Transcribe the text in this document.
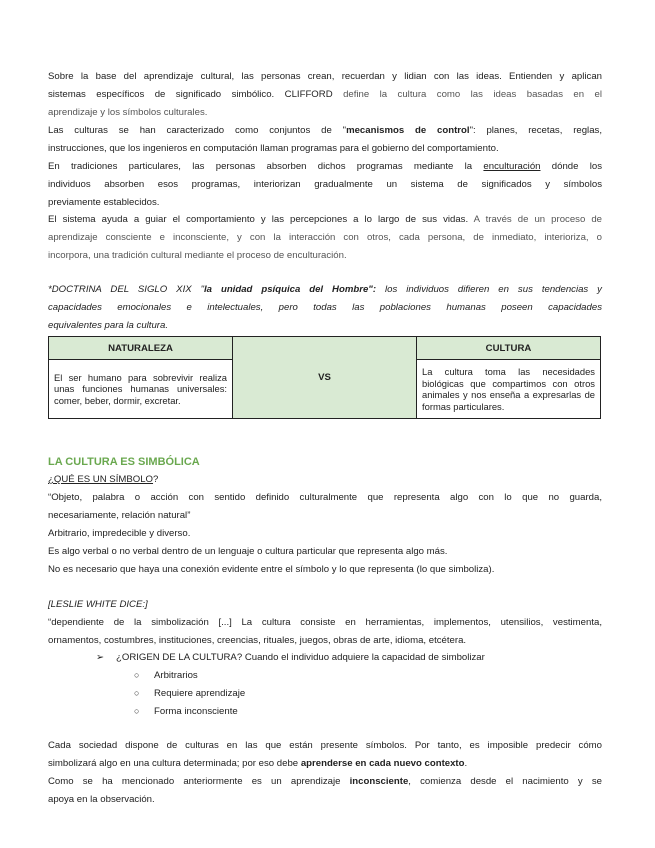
Sobre la base del aprendizaje cultural, las personas crean, recuerdan y lidian con las ideas. Entienden y aplican

sistemas específicos de significado simbólico. CLIFFORD define la cultura como las ideas basadas en el

aprendizaje y los símbolos culturales.

Las culturas se han caracterizado como conjuntos de "mecanismos de control": planes, recetas, reglas,

instrucciones, que los ingenieros en computación llaman programas para el gobierno del comportamiento.

En tradiciones particulares, las personas absorben dichos programas mediante la enculturación dónde los

individuos absorben esos programas, interiorizan gradualmente un sistema de significados y símbolos

previamente establecidos.

El sistema ayuda a guiar el comportamiento y las percepciones a lo largo de sus vidas. A través de un proceso de

aprendizaje consciente e inconsciente, y con la interacción con otros, cada persona, de inmediato, interioriza, o

incorpora, una tradición cultural mediante el proceso de enculturación.

*DOCTRINA DEL SIGLO XIX "la unidad psíquica del Hombre": los individuos difieren en sus tendencias y

capacidades emocionales e intelectuales, pero todas las poblaciones humanas poseen capacidades

equivalentes para la cultura.

NATURALEZA	VS	CULTURA
El ser humano para sobrevivir realiza unas funciones humanas universales: comer, beber, dormir, excretar.		La cultura toma las necesidades biológicas que compartimos con otros animales y nos enseña a expresarlas de formas particulares.

LA CULTURA ES SIMBÓLICA

¿QUÉ ES UN SÍMBOLO?

“Objeto, palabra o acción con sentido definido culturalmente que representa algo con lo que no guarda,

necesariamente, relación natural”

Arbitrario, impredecible y diverso.

Es algo verbal o no verbal dentro de un lenguaje o cultura particular que representa algo más.

No es necesario que haya una conexión evidente entre el símbolo y lo que representa (lo que simboliza).

[LESLIE WHITE DICE:]

“dependiente de la simbolización [...] La cultura consiste en herramientas, implementos, utensilios, vestimenta,

ornamentos, costumbres, instituciones, creencias, rituales, juegos, obras de arte, idioma, etcétera.

➢ ¿ORIGEN DE LA CULTURA? Cuando el individuo adquiere la capacidad de simbolizar
○ Arbitrarios
○ Requiere aprendizaje
○ Forma inconsciente

Cada sociedad dispone de culturas en las que están presente símbolos. Por tanto, es imposible predecir cómo

simbolizará algo en una cultura determinada; por eso debe aprenderse en cada nuevo contexto.

Como se ha mencionado anteriormente es un aprendizaje inconsciente, comienza desde el nacimiento y se

apoya en la observación.
